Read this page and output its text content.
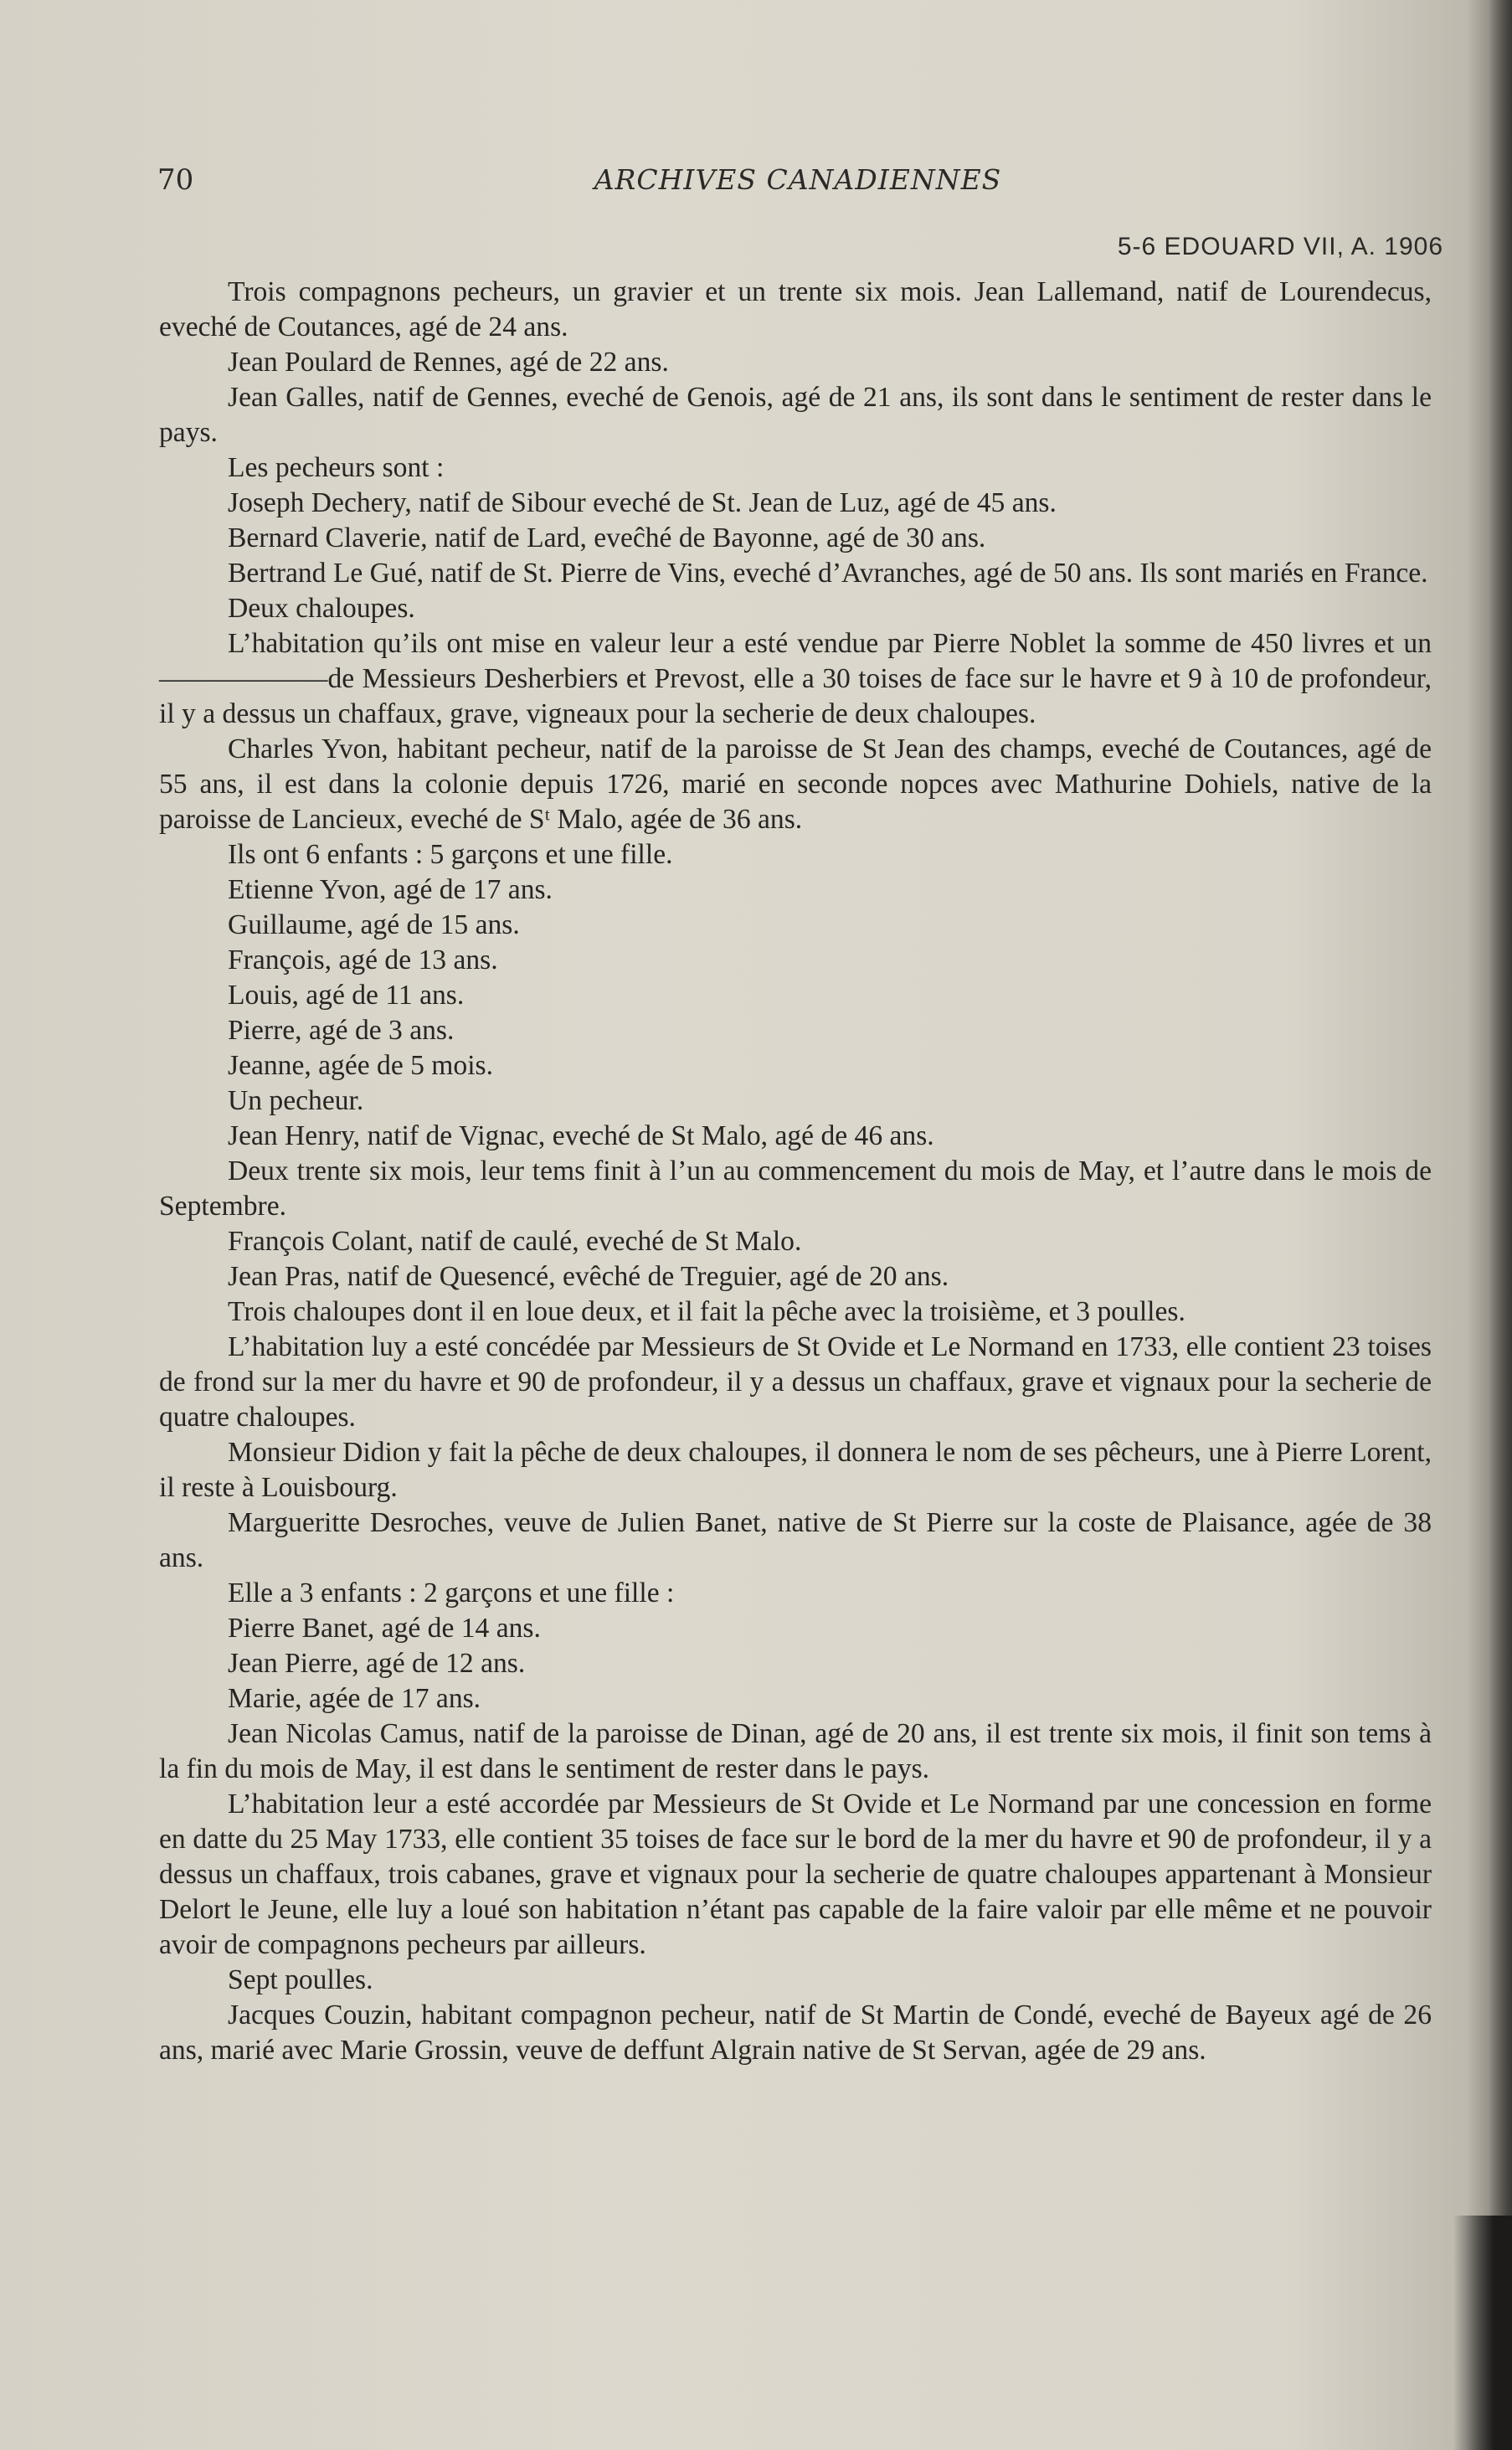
70	ARCHIVES CANADIENNES
5-6 EDOUARD VII, A. 1906

Trois compagnons pecheurs, un gravier et un trente six mois. Jean Lallemand, natif de Lourendecus, eveché de Coutances, agé de 24 ans.

Jean Poulard de Rennes, agé de 22 ans.

Jean Galles, natif de Gennes, eveché de Genois, agé de 21 ans, ils sont dans le sentiment de rester dans le pays.

Les pecheurs sont :

Joseph Dechery, natif de Sibour eveché de St. Jean de Luz, agé de 45 ans.

Bernard Claverie, natif de Lard, eveĉhé de Bayonne, agé de 30 ans.

Bertrand Le Gué, natif de St. Pierre de Vins, eveché d’Avranches, agé de 50 ans. Ils sont mariés en France.

Deux chaloupes.

L’habitation qu’ils ont mise en valeur leur a esté vendue par Pierre Noblet la somme de 450 livres et un——————de Messieurs Desherbiers et Prevost, elle a 30 toises de face sur le havre et 9 à 10 de profondeur, il y a dessus un chaffaux, grave, vigneaux pour la secherie de deux chaloupes.

Charles Yvon, habitant pecheur, natif de la paroisse de St Jean des champs, eveché de Coutances, agé de 55 ans, il est dans la colonie depuis 1726, marié en seconde nopces avec Mathurine Dohiels, native de la paroisse de Lancieux, eveché de Sᵗ Malo, agée de 36 ans.

Ils ont 6 enfants : 5 garçons et une fille.

Etienne Yvon, agé de 17 ans.

Guillaume, agé de 15 ans.

François, agé de 13 ans.

Louis, agé de 11 ans.

Pierre, agé de 3 ans.

Jeanne, agée de 5 mois.

Un pecheur.

Jean Henry, natif de Vignac, eveché de St Malo, agé de 46 ans.

Deux trente six mois, leur tems finit à l’un au commencement du mois de May, et l’autre dans le mois de Septembre.

François Colant, natif de caulé, eveché de St Malo.

Jean Pras, natif de Quesencé, evêché de Treguier, agé de 20 ans.

Trois chaloupes dont il en loue deux, et il fait la pêche avec la troisième, et 3 poulles.

L’habitation luy a esté concédée par Messieurs de St Ovide et Le Normand en 1733, elle contient 23 toises de frond sur la mer du havre et 90 de profondeur, il y a dessus un chaffaux, grave et vignaux pour la secherie de quatre chaloupes.

Monsieur Didion y fait la pêche de deux chaloupes, il donnera le nom de ses pêcheurs, une à Pierre Lorent, il reste à Louisbourg.

Margueritte Desroches, veuve de Julien Banet, native de St Pierre sur la coste de Plaisance, agée de 38 ans.

Elle a 3 enfants : 2 garçons et une fille :

Pierre Banet, agé de 14 ans.

Jean Pierre, agé de 12 ans.

Marie, agée de 17 ans.

Jean Nicolas Camus, natif de la paroisse de Dinan, agé de 20 ans, il est trente six mois, il finit son tems à la fin du mois de May, il est dans le sentiment de rester dans le pays.

L’habitation leur a esté accordée par Messieurs de St Ovide et Le Normand par une concession en forme en datte du 25 May 1733, elle contient 35 toises de face sur le bord de la mer du havre et 90 de profondeur, il y a dessus un chaffaux, trois cabanes, grave et vignaux pour la secherie de quatre chaloupes appartenant à Monsieur Delort le Jeune, elle luy a loué son habitation n’étant pas capable de la faire valoir par elle même et ne pouvoir avoir de compagnons pecheurs par ailleurs.

Sept poulles.

Jacques Couzin, habitant compagnon pecheur, natif de St Martin de Condé, eveché de Bayeux agé de 26 ans, marié avec Marie Grossin, veuve de deffunt Algrain native de St Servan, agée de 29 ans.
